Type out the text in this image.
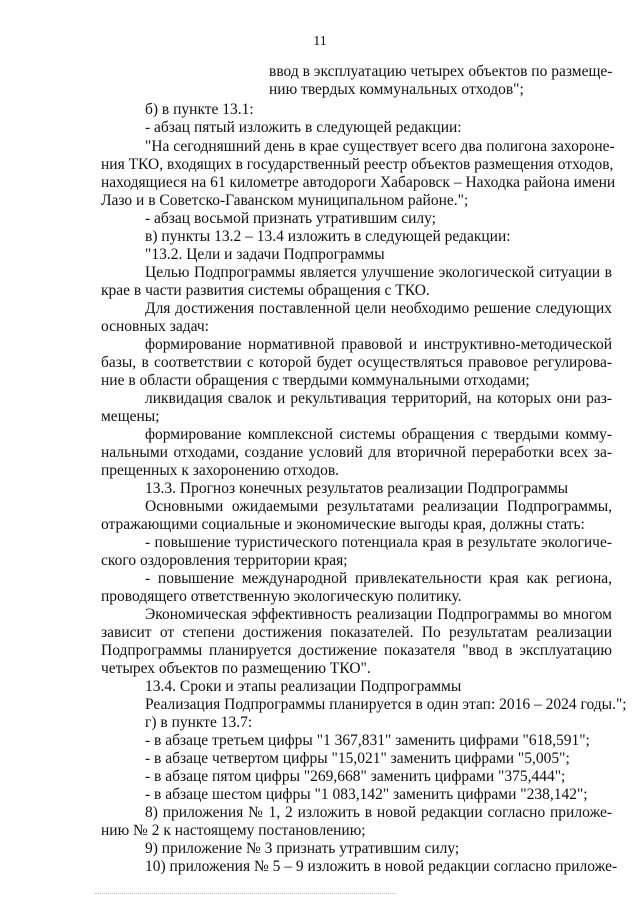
11
ввод в эксплуатацию четырех объектов по размеще-
нию твердых коммунальных отходов";
б) в пункте 13.1:
- абзац пятый изложить в следующей редакции:
"На сегодняшний день в крае существует всего два полигона захороне-
ния ТКО, входящих в государственный реестр объектов размещения отходов,
находящиеся на 61 километре автодороги Хабаровск – Находка района имени
Лазо и в Советско-Гаванском муниципальном районе.";
- абзац восьмой признать утратившим силу;
в) пункты 13.2 – 13.4 изложить в следующей редакции:
"13.2. Цели и задачи Подпрограммы
Целью Подпрограммы является улучшение экологической ситуации в
крае в части развития системы обращения с ТКО.
Для достижения поставленной цели необходимо решение следующих
основных задач:
формирование нормативной правовой и инструктивно-методической
базы, в соответствии с которой будет осуществляться правовое регулирова-
ние в области обращения с твердыми коммунальными отходами;
ликвидация свалок и рекультивация территорий, на которых они раз-
мещены;
формирование комплексной системы обращения с твердыми комму-
нальными отходами, создание условий для вторичной переработки всех за-
прещенных к захоронению отходов.
13.3. Прогноз конечных результатов реализации Подпрограммы
Основными ожидаемыми результатами реализации Подпрограммы,
отражающими социальные и экономические выгоды края, должны стать:
- повышение туристического потенциала края в результате экологиче-
ского оздоровления территории края;
- повышение международной привлекательности края как региона,
проводящего ответственную экологическую политику.
Экономическая эффективность реализации Подпрограммы во многом
зависит от степени достижения показателей. По результатам реализации
Подпрограммы планируется достижение показателя "ввод в эксплуатацию
четырех объектов по размещению ТКО".
13.4. Сроки и этапы реализации Подпрограммы
Реализация Подпрограммы планируется в один этап: 2016 – 2024 годы.";
г) в пункте 13.7:
- в абзаце третьем цифры "1 367,831" заменить цифрами "618,591";
- в абзаце четвертом цифры "15,021" заменить цифрами "5,005";
- в абзаце пятом цифры "269,668" заменить цифрами "375,444";
- в абзаце шестом цифры "1 083,142" заменить цифрами "238,142";
8) приложения № 1, 2 изложить в новой редакции согласно приложе-
нию № 2 к настоящему постановлению;
9) приложение № 3 признать утратившим силу;
10) приложения № 5 – 9 изложить в новой редакции согласно приложе-
